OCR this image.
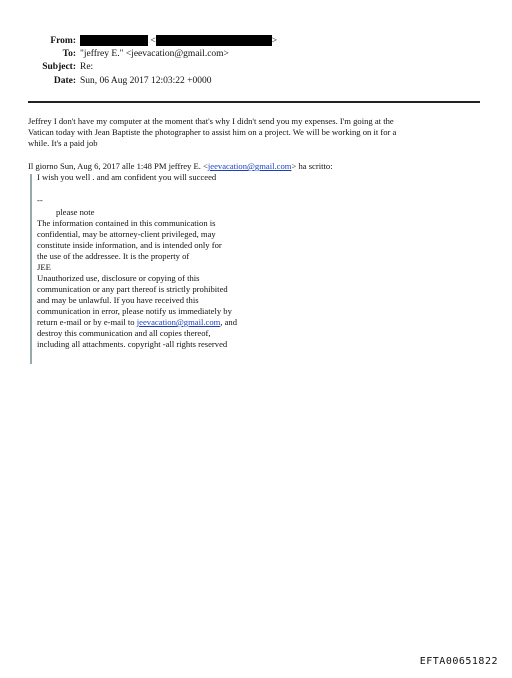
From:	<	>
To: "jeffrey E." <jeevacation@gmail.com>
Subject: Re:
Date: Sun, 06 Aug 2017 12:03:22 +0000

Jeffrey I don't have my computer at the moment that's why I didn't send you my expenses. I'm going at the

Vatican today with Jean Baptiste the photographer to assist him on a project. We will be working on it for a

while. It's a paid job

Il giorno Sun, Aug 6, 2017 alle 1:48 PM jeffrey E. <jeevacation@gmail.com> ha scritto:

I wish you well . and am confident you will succeed

--

please note

The information contained in this communication is

confidential, may be attorney-client privileged, may

constitute inside information, and is intended only for

the use of the addressee. It is the property of

JEE

Unauthorized use, disclosure or copying of this

communication or any part thereof is strictly prohibited

and may be unlawful. If you have received this

communication in error, please notify us immediately by

return e-mail or by e-mail to jeevacation@gmail.com, and

destroy this communication and all copies thereof,

including all attachments. copyright -all rights reserved

EFTA00651822
